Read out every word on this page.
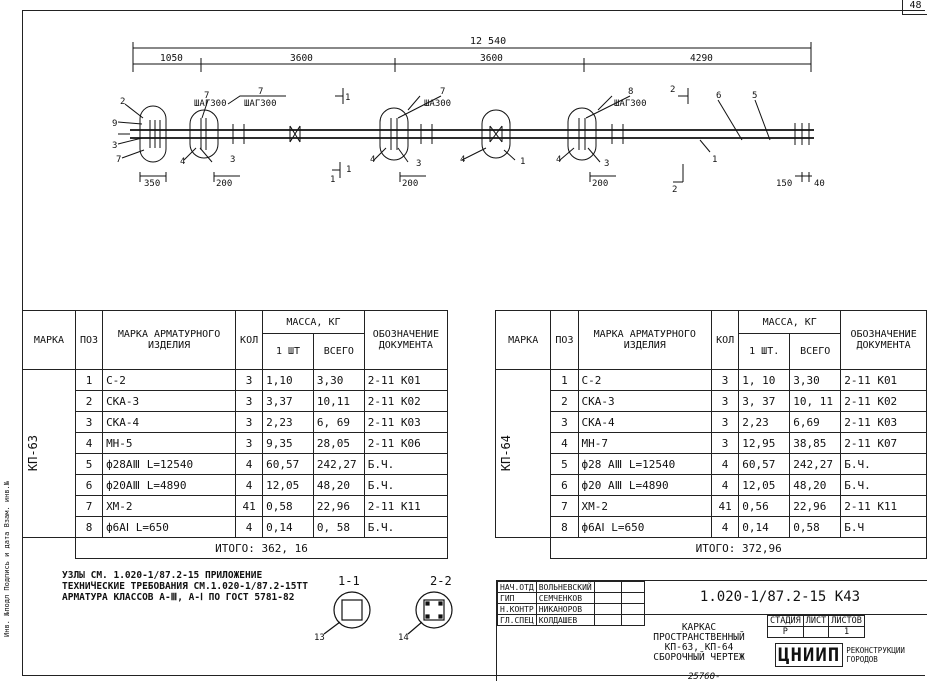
48
Инв. №подл Подпись и дата Взам. инв.№
12 540
1050	3600	3600	4290
ШАГ300 ШАГ300	ША300	ШАГ300
2
9
3
7
7	7	7	8
4	3	4	3	4	1	4	3
1
6	5
1
1
1
2
2
350	200	200	200	150 40
МАРКА	ПОЗ	МАРКА АРМАТУРНОГО ИЗДЕЛИЯ	КОЛ	МАССА, КГ		ОБОЗНАЧЕНИЕ ДОКУМЕНТА
				1 ШТ	ВСЕГО	

КП-63	1	С-2	3	1,10	3,30	2-11 К01
	2	СКА-3	3	3,37	10,11	2-11 К02
	3	СКА-4	3	2,23	6, 69	2-11 К03
	4	МН-5	3	9,35	28,05	2-11 К06
	5	ф28АⅢ L=12540	4	60,57	242,27	Б.Ч.
	6	ф20АⅢ L=4890	4	12,05	48,20	Б.Ч.
	7	ХМ-2	41	0,58	22,96	2-11 К11
	8	ф6АⅠ L=650	4	0,14	0, 58	Б.Ч.
	ИТОГО: 362, 16					
МАРКА	ПОЗ	МАРКА АРМАТУРНОГО ИЗДЕЛИЯ	КОЛ	МАССА, КГ		ОБОЗНАЧЕНИЕ ДОКУМЕНТА
				1 ШТ.	ВСЕГО	

КП-64	1	С-2	3	1, 10	3,30	2-11 К01
	2	СКА-3	3	3, 37	10, 11	2-11 К02
	3	СКА-4	3	2,23	6,69	2-11 К03
	4	МН-7	3	12,95	38,85	2-11 К07
	5	ф28 АⅢ L=12540	4	60,57	242,27	Б.Ч.
	6	ф20 АⅢ L=4890	4	12,05	48,20	Б.Ч.
	7	ХМ-2	41	0,56	22,96	2-11 К11
	8	ф6АⅠ L=650	4	0,14	0,58	Б.Ч
	ИТОГО: 372,96					
УЗЛЫ СМ. 1.020-1/87.2-15 ПРИЛОЖЕНИЕ
ТЕХНИЧЕСКИЕ ТРЕБОВАНИЯ СМ.1.020-1/87.2-15ТТ
АРМАТУРА КЛАССОВ А-Ⅲ, А-Ⅰ ПО ГОСТ 5781-82
1-1	2-2
13	14
НАЧ.ОТД	ВОЛЬНЕВСКИЙ		
ГИП	СЕМЧЕНКОВ		
Н.КОНТР	НИКАНОРОВ		
ГЛ.СПЕЦ	КОЛДАШЕВ		
1.020-1/87.2-15 К43
КАРКАС
ПРОСТРАНСТВЕННЫЙ
КП-63, КП-64
СБОРОЧНЫЙ ЧЕРТЕЖ
СТАДИЯ	ЛИСТ	ЛИСТОВ
Р		1
ЦНИИП РЕКОНСТРУКЦИИ
ГОРОДОВ
25760-
